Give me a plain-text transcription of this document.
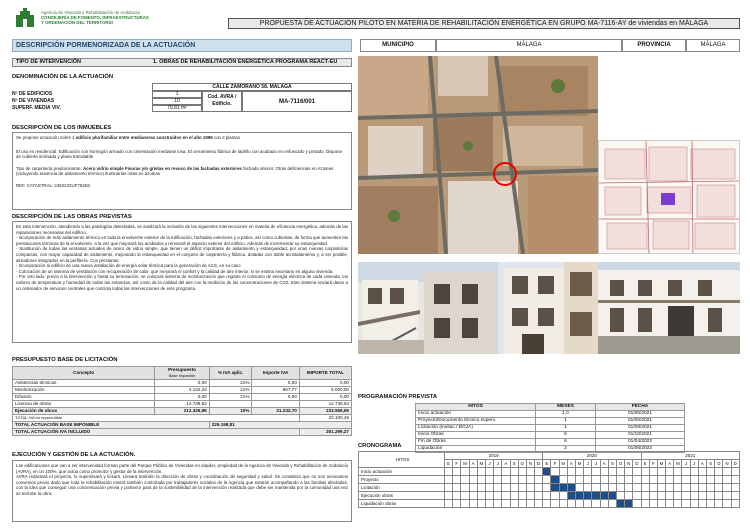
Agencia de Vivienda y Rehabilitación de Andalucía
CONSEJERÍA DE FOMENTO, INFRAESTRUCTURAS
Y ORDENACIÓN DEL TERRITORIO	PROPUESTA DE ACTUACIÓN PILOTO EN MATERIA DE REHABILITACIÓN ENERGÉTICA EN GRUPO MA-7116-AY de viviendas en MÁLAGA
DESCRIPCIÓN PORMENORIZADA DE LA ACTUACIÓN	MUNICIPIO	MÁLAGA	PROVINCIA	MÁLAGA
TIPO DE INTERVENCIÓN	1. OBRAS DE REHABILITACIÓN ENERGÉTICA PROGRAMA REACT-EU
DENOMINACIÓN DE LA ACTUACIÓN
CALLE ZAMORANO 58. MÁLAGA
Nº DE EDIFICIOS	1
Nº DE VIVIENDAS	10
SUPERF. MEDIA VIV.	79,81 m²
Cod. AVRA / Edificio.	MA-7116/001
DESCRIPCIÓN DE LOS INMUEBLES
Se propone actuación sobre 1 edificio plurifamiliar entre medianeras construidos en el año 1999 con 2 plantas
El uso es residencial. Edificación con hormigón armado con cimentación mediante losa. El cerramiento fábrica de ladrillo con acabado en enfoscado y pintado. Dispone de cubierta inclinada y plana transitable
Tipo de carpintería predominante: Acero vidrio simple Fisuras y/o grietas en revoco de las fachadas exteriores fachada interior. Otras deficiencias en Azoteas (incluyendo ausencia de aislamiento térmico) Iluminarias rotas en azoteas
REF. CATASTRAL: 2452222UF7625S
DESCRIPCIÓN DE LAS OBRAS PREVISTAS
En esta intervención, atendiendo a las patologías detectadas, se analizará la inclusión de las siguientes intervenciones en materia de eficiencia energética, además de las reparaciones necesarias del edificio.
- Incorporación de más aislamiento térmico en toda la envolvente exterior de la edificación, fachadas exteriores y a patios, así como cubiertas, de forma que aumenten las prestaciones térmicas de la envolvente, a la vez que mejorará los acabados y renovará el aspecto exterior del edificio. Además de incrementar su estanqueidad.
- Sustitución de todas las ventanas actuales de acero de vidrio simple, que tienen un déficit importante de aislamiento y estanqueidad, por unas nuevas carpinterías compactas, con mayor capacidad de aislamiento, mejorando la estanqueidad en el conjunto de carpintería y fábrica, dotadas con doble acristalamiento y, a ser posible, aireadores integrados en la perfilería. Con persianas.
- Incorporación al edificio de una nueva instalación de energía solar térmica para la generación de ACS, en su caso
- Colocación de un sistema de ventilación con recuperación de calor, que mejorará el confort y la calidad de aire interior, si se estima necesario en alguna vivienda.
- Por otro lado, previo a la intervención y hasta su terminación, se colocará sistema de monitorización que registre el consumo de energía eléctrica de cada vivienda, los valores de temperatura y humedad de todas las estancias, así como de la calidad del aire con la medición de las concentraciones de CO2. Este sistema enviará datos a un ordenador de servicios centrales que controla todas las intervenciones de este programa.
PRESUPUESTO BASE DE LICITACIÓN
Concepto	Presupuesto
Base Imponible	% IVA aplic.	Importe IVA	IMPORTE TOTAL
Asistencias técnicas	0,00	21%	0,00	0,00
Monitorización	4.132,23	21%	867,77	5.000,00
Difusión	0,00	21%	0,00	0,00
Licencia de obras	12.739,62			12.739,62
Ejecución de obras	212.326,95	10%	21.232,70	233.559,65
TOTAL IVA no repercutible				22.100,46
TOTAL ACTUACIÓN BASE IMPONIBLE		229.198,81		
TOTAL ACTUACIÓN IVA INCLUIDO				251.299,27
EJECUCIÓN Y GESTIÓN DE LA ACTUACIÓN.
Las edificaciones que van a ser intervenidad forman parte del Parque Público de Viviendas en alquiler, propiedad de la Agencia de Vivienda y Rehabilitación de Andalucía (AVRA), en un 100%, que actúa como promotor y gestor de la intervención.
AVRA redactará el proyecto, lo supervisará y licitará. Llevara también la dirección de obras y coordinación de seguridad y salud. Se considera que no son necesarios convenios previo dado que toda la rehabilitación estará también controlada por trabajadores sociales de la Agencia que estarán acompañando a las familias afectadas, con la idea que conseguir una concienciación previa y posterior para de la sostenibilidad de la intervención realizada que debe ser mantenida por la comunidad una vez se termine la obra.
PROGRAMACIÓN PREVISTA
HITOS	MESES	FECHA
Inicio actuación	1,0	01/05/2021
Proyecto/Documento técnico superv.	1	01/06/2021
Licitación (Invitac./ BOJA)	1	01/08/2021
Inicio Obras	5	01/10/2021
Fin de Obras	6	01/04/2022
Liquidación	2	01/06/2022
CRONOGRAMA
HITOS	2019												2020												2021											
	E	F	M	A	M	J	J	A	S	O	N	D	E	F	M	A	M	J	J	A	S	O	N	D	E	F	M	A	M	J	J	A	S	O	N	D
Inicio actuación																																				
Proyecto																																				
Licitación																																				
Ejecución obras																																				
Liquidación obras																																				
